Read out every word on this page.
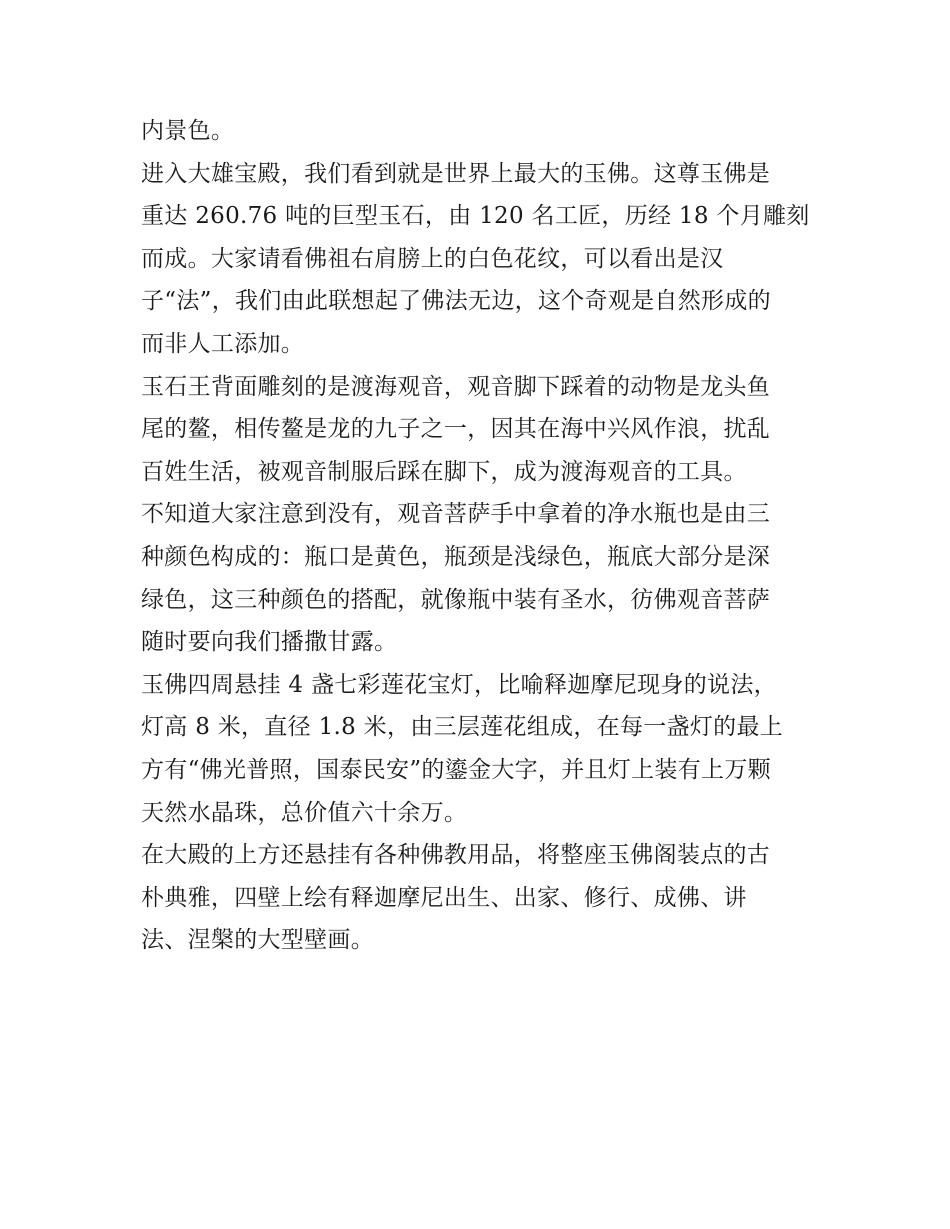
内景色。
进入大雄宝殿，我们看到就是世界上最大的玉佛。这尊玉佛是
重达 260.76 吨的巨型玉石，由 120 名工匠，历经 18 个月雕刻
而成。大家请看佛祖右肩膀上的白色花纹，可以看出是汉
子“法”，我们由此联想起了佛法无边，这个奇观是自然形成的
而非人工添加。
玉石王背面雕刻的是渡海观音，观音脚下踩着的动物是龙头鱼
尾的鳌，相传鳌是龙的九子之一，因其在海中兴风作浪，扰乱
百姓生活，被观音制服后踩在脚下，成为渡海观音的工具。
不知道大家注意到没有，观音菩萨手中拿着的净水瓶也是由三
种颜色构成的：瓶口是黄色，瓶颈是浅绿色，瓶底大部分是深
绿色，这三种颜色的搭配，就像瓶中装有圣水，彷佛观音菩萨
随时要向我们播撒甘露。
玉佛四周悬挂 4 盏七彩莲花宝灯，比喻释迦摩尼现身的说法，
灯高 8 米，直径 1.8 米，由三层莲花组成，在每一盏灯的最上
方有“佛光普照，国泰民安”的鎏金大字，并且灯上装有上万颗
天然水晶珠，总价值六十余万。
在大殿的上方还悬挂有各种佛教用品，将整座玉佛阁装点的古
朴典雅，四壁上绘有释迦摩尼出生、出家、修行、成佛、讲
法、涅槃的大型壁画。
